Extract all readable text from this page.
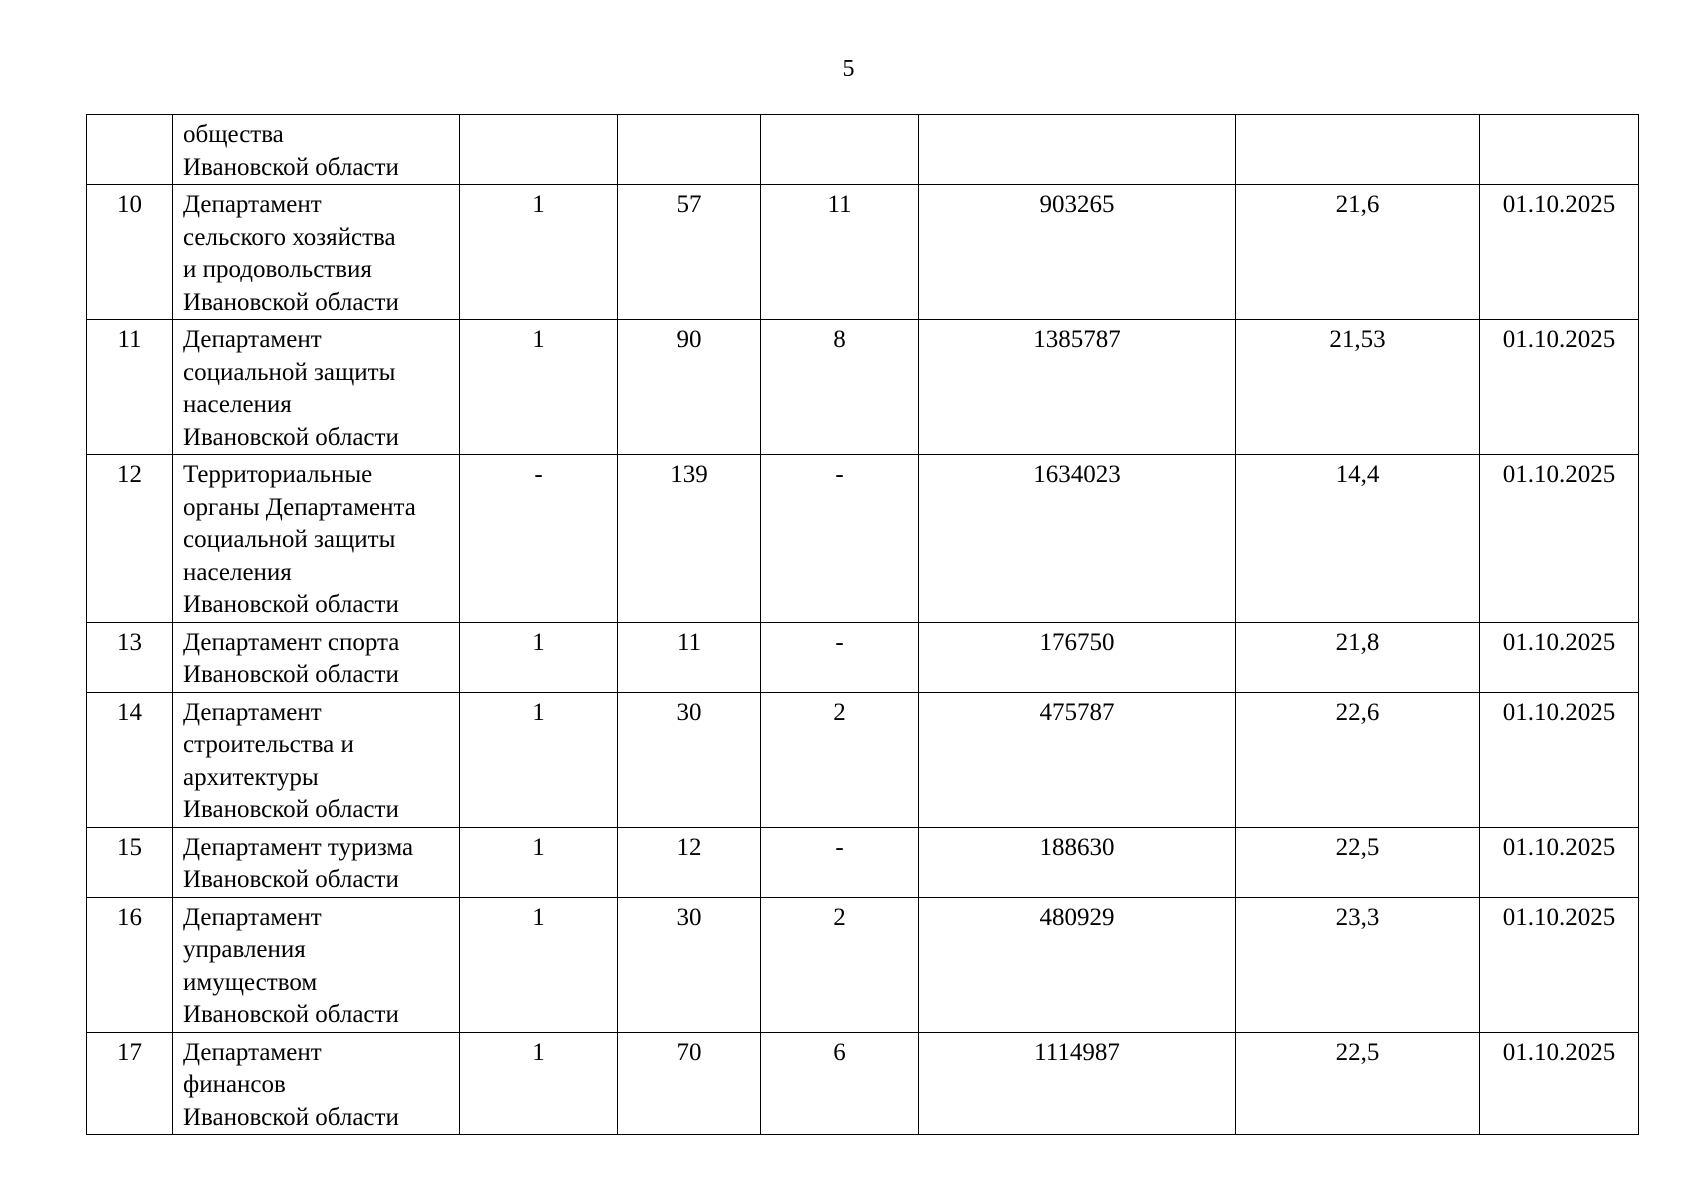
5
	общества
Ивановской области						
10	Департамент
сельского хозяйства
и продовольствия
Ивановской области	1	57	11	903265	21,6	01.10.2025
11	Департамент
социальной защиты
населения
Ивановской области	1	90	8	1385787	21,53	01.10.2025
12	Территориальные
органы Департамента
социальной защиты
населения
Ивановской области	-	139	-	1634023	14,4	01.10.2025
13	Департамент спорта
Ивановской области	1	11	-	176750	21,8	01.10.2025
14	Департамент
строительства и
архитектуры
Ивановской области	1	30	2	475787	22,6	01.10.2025
15	Департамент туризма
Ивановской области	1	12	-	188630	22,5	01.10.2025
16	Департамент
управления
имуществом
Ивановской области	1	30	2	480929	23,3	01.10.2025
17	Департамент
финансов
Ивановской области	1	70	6	1114987	22,5	01.10.2025
